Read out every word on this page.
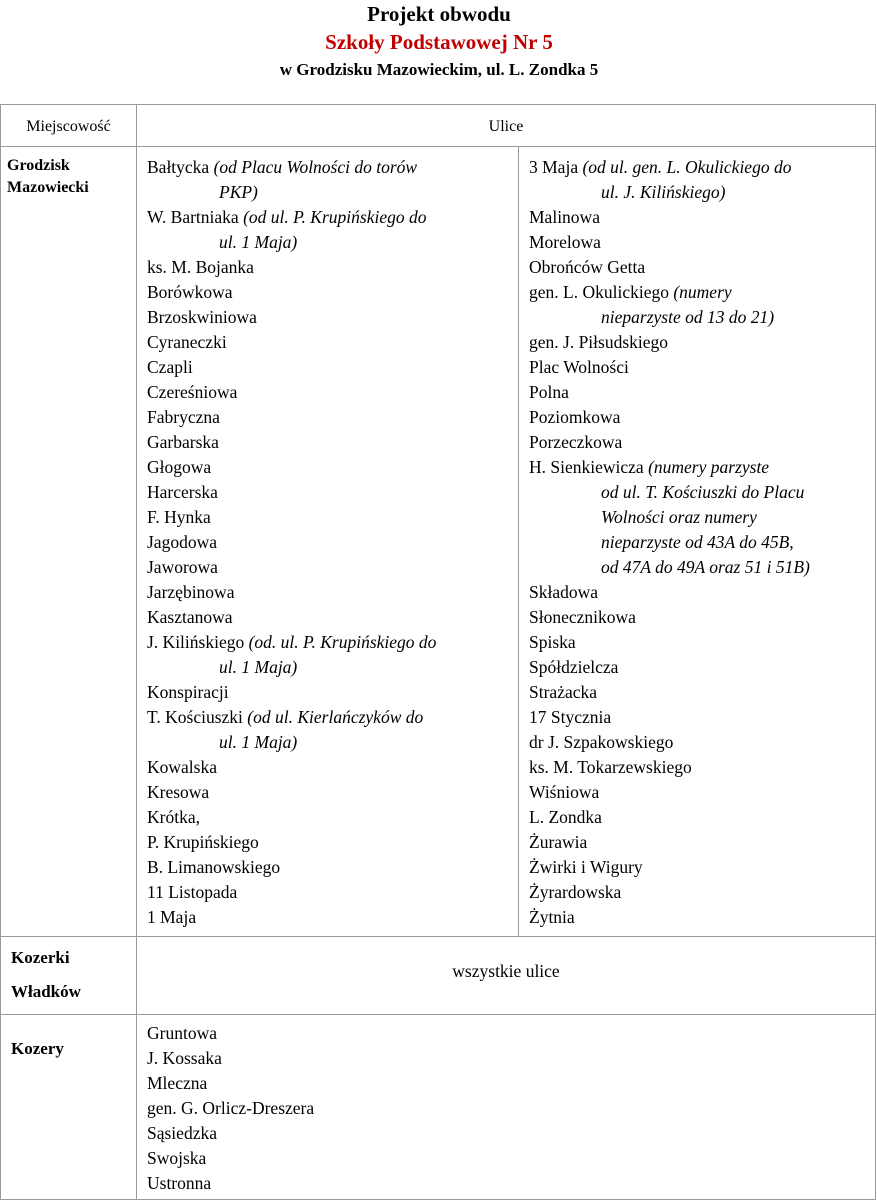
Projekt obwodu
Szkoły Podstawowej Nr 5
w Grodzisku Mazowieckim, ul. L. Zondka 5
Miejscowość	Ulice
Grodzisk
Mazowiecki
Bałtycka (od Placu Wolności do torów
PKP)
W. Bartniaka (od ul. P. Krupińskiego do
ul. 1 Maja)
ks. M. Bojanka
Borówkowa
Brzoskwiniowa
Cyraneczki
Czapli
Czereśniowa
Fabryczna
Garbarska
Głogowa
Harcerska
F. Hynka
Jagodowa
Jaworowa
Jarzębinowa
Kasztanowa
J. Kilińskiego (od. ul. P. Krupińskiego do
ul. 1 Maja)
Konspiracji
T. Kościuszki (od ul. Kierlańczyków do
ul. 1 Maja)
Kowalska
Kresowa
Krótka,
P. Krupińskiego
B. Limanowskiego
11 Listopada
1 Maja
3 Maja (od ul. gen. L. Okulickiego do
ul. J. Kilińskiego)
Malinowa
Morelowa
Obrońców Getta
gen. L. Okulickiego (numery
nieparzyste od 13 do 21)
gen. J. Piłsudskiego
Plac Wolności
Polna
Poziomkowa
Porzeczkowa
H. Sienkiewicza (numery parzyste
od ul. T. Kościuszki do Placu
Wolności oraz numery
nieparzyste od 43A do 45B,
od 47A do 49A oraz 51 i 51B)
Składowa
Słonecznikowa
Spiska
Spółdzielcza
Strażacka
17 Stycznia
dr J. Szpakowskiego
ks. M. Tokarzewskiego
Wiśniowa
L. Zondka
Żurawia
Żwirki i Wigury
Żyrardowska
Żytnia
Kozerki
Władków
wszystkie ulice
Kozery
Gruntowa
J. Kossaka
Mleczna
gen. G. Orlicz-Dreszera
Sąsiedzka
Swojska
Ustronna
